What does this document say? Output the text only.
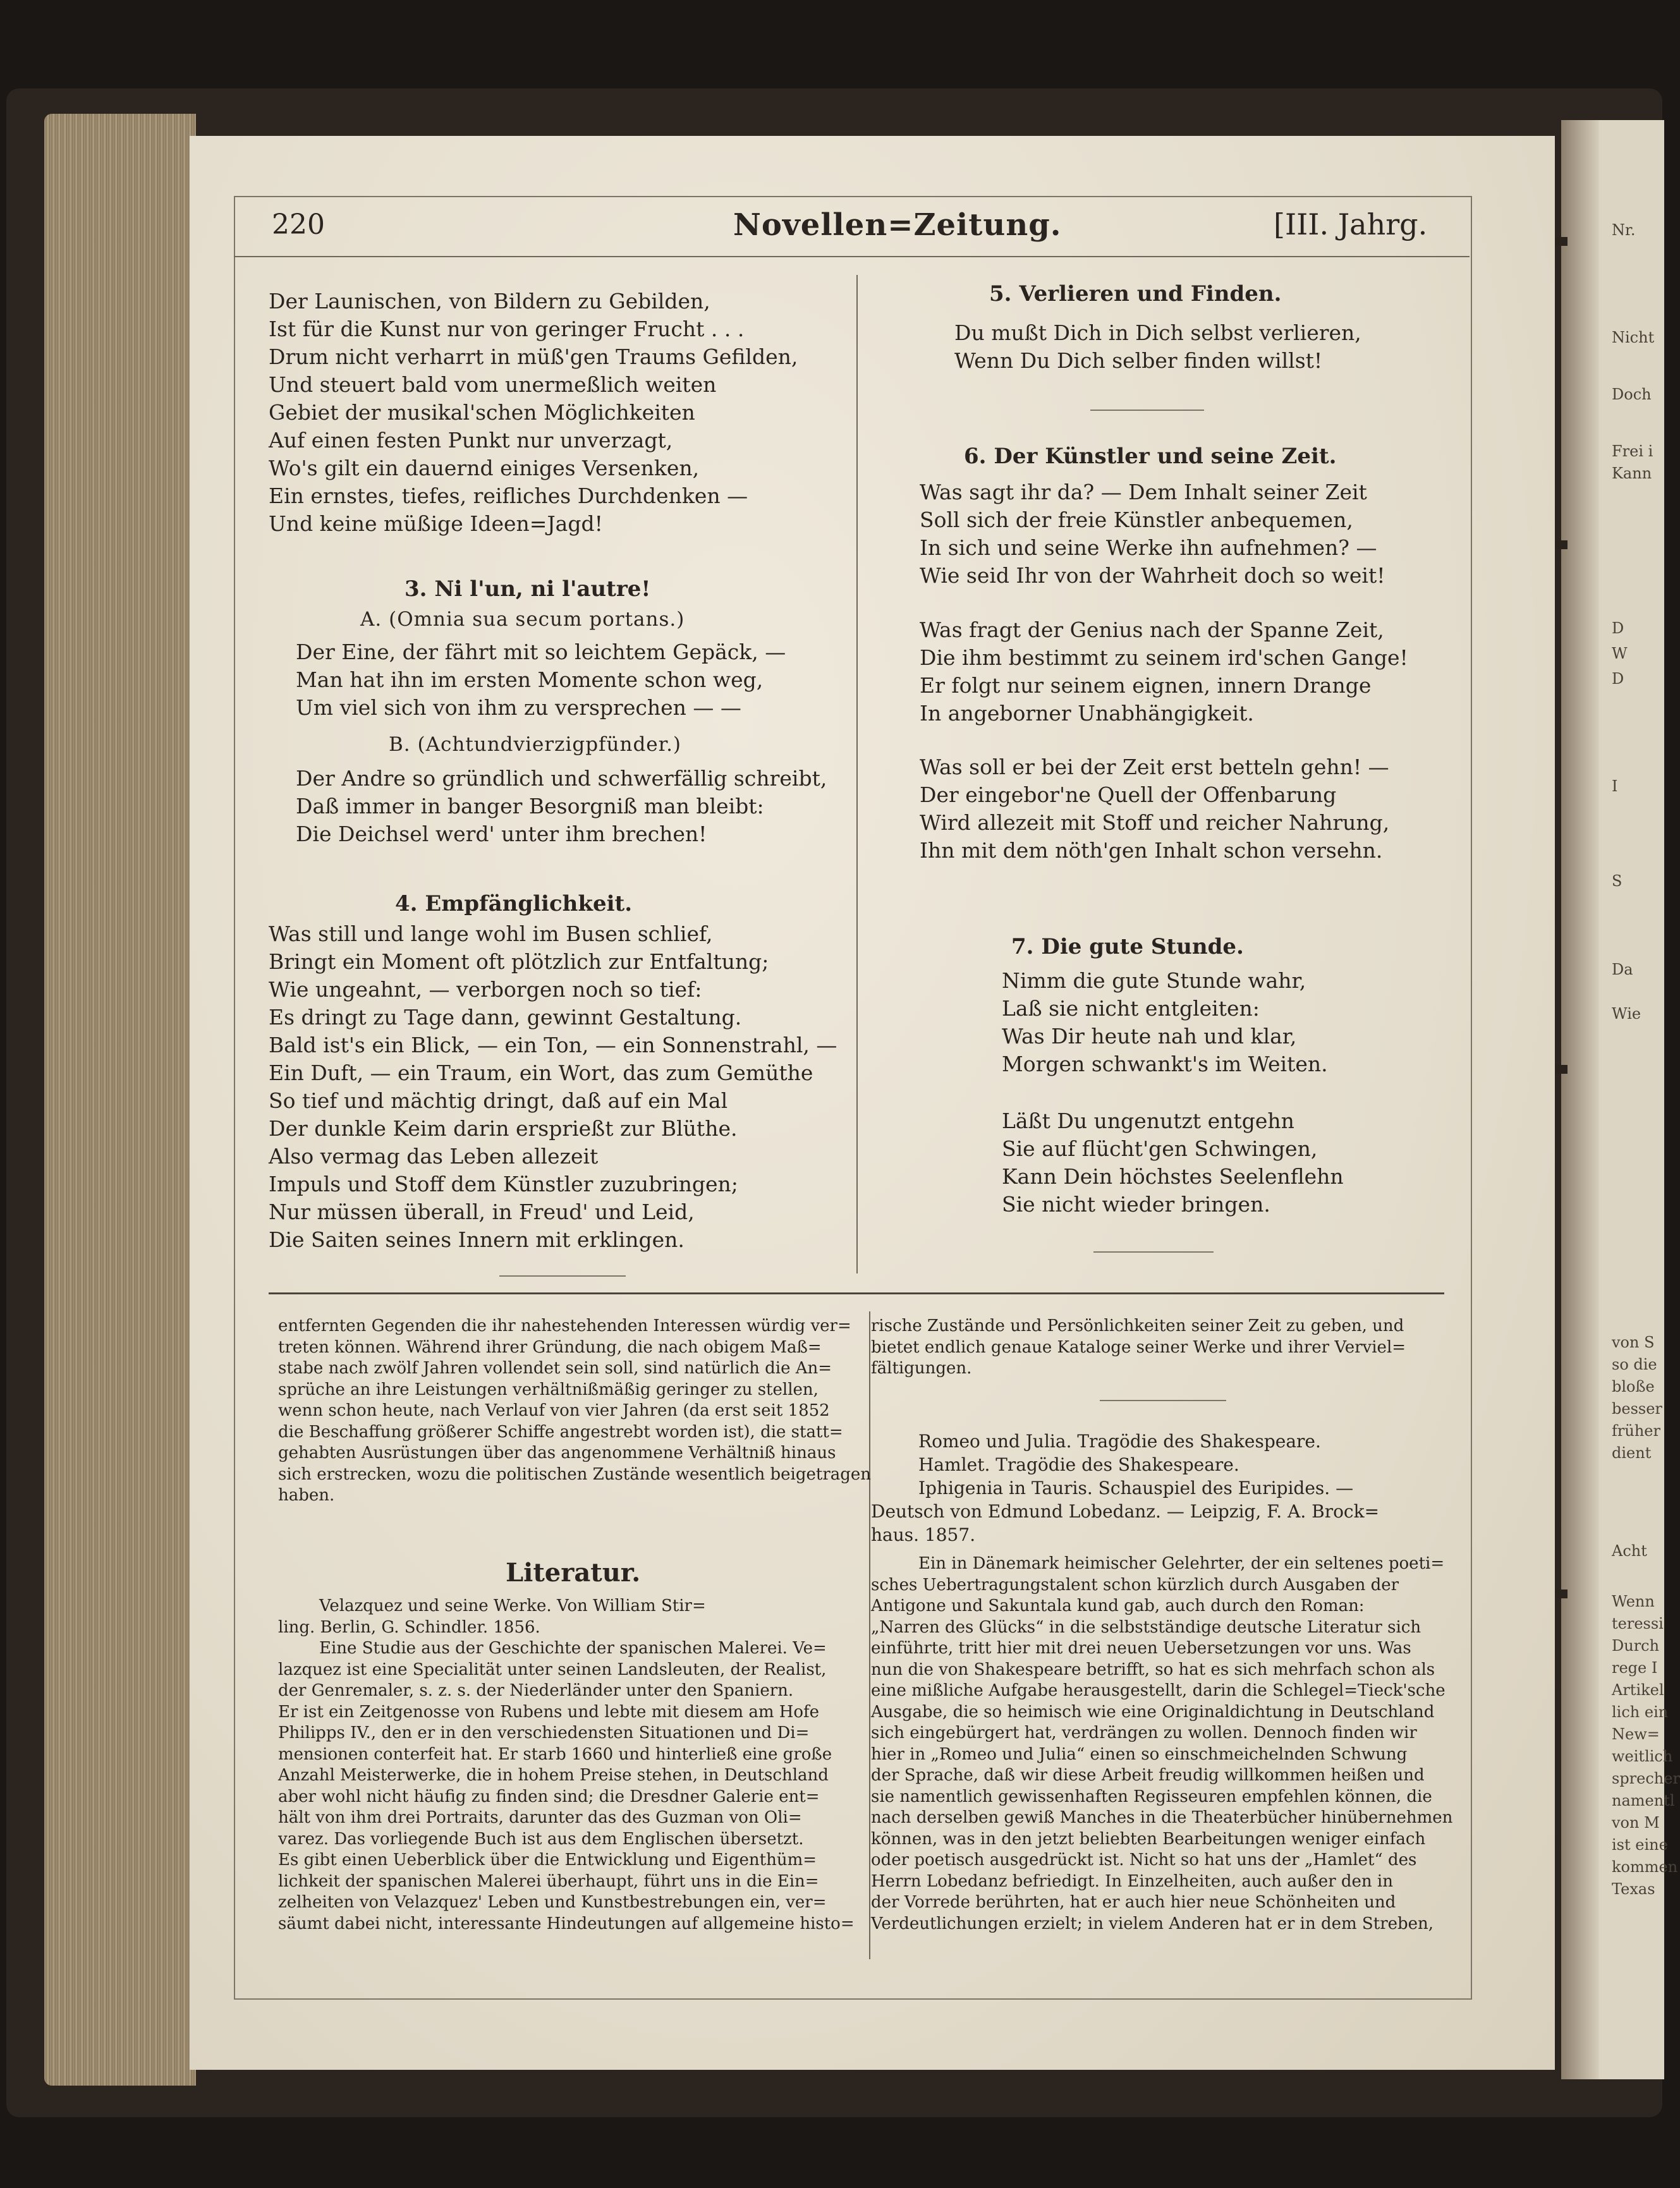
Nr.
Nicht
Doch
Frei i
Kann
D
W
D
I
S
Da
Wie
von S
so die
bloße
besser
früher
dient
Acht
Wenn
teressi
Durch
rege I
Artikel
lich ein
New=
weitlich
sprecher
namentl
von M
ist eine
kommen
Texas
220	Novellen=Zeitung.	[III. Jahrg.
Der Launischen, von Bildern zu Gebilden,
Ist für die Kunst nur von geringer Frucht . . .
Drum nicht verharrt in müß'gen Traums Gefilden,
Und steuert bald vom unermeßlich weiten
Gebiet der musikal'schen Möglichkeiten
Auf einen festen Punkt nur unverzagt,
Wo's gilt ein dauernd einiges Versenken,
Ein ernstes, tiefes, reifliches Durchdenken —
Und keine müßige Ideen=Jagd!
3. Ni l'un, ni l'autre!
A. (Omnia sua secum portans.)
Der Eine, der fährt mit so leichtem Gepäck, —
Man hat ihn im ersten Momente schon weg,
Um viel sich von ihm zu versprechen — —
B. (Achtundvierzigpfünder.)
Der Andre so gründlich und schwerfällig schreibt,
Daß immer in banger Besorgniß man bleibt:
Die Deichsel werd' unter ihm brechen!
4. Empfänglichkeit.
Was still und lange wohl im Busen schlief,
Bringt ein Moment oft plötzlich zur Entfaltung;
Wie ungeahnt, — verborgen noch so tief:
Es dringt zu Tage dann, gewinnt Gestaltung.
Bald ist's ein Blick, — ein Ton, — ein Sonnenstrahl, —
Ein Duft, — ein Traum, ein Wort, das zum Gemüthe
So tief und mächtig dringt, daß auf ein Mal
Der dunkle Keim darin ersprießt zur Blüthe.
Also vermag das Leben allezeit
Impuls und Stoff dem Künstler zuzubringen;
Nur müssen überall, in Freud' und Leid,
Die Saiten seines Innern mit erklingen.
5. Verlieren und Finden.
Du mußt Dich in Dich selbst verlieren,
Wenn Du Dich selber finden willst!
6. Der Künstler und seine Zeit.
Was sagt ihr da? — Dem Inhalt seiner Zeit
Soll sich der freie Künstler anbequemen,
In sich und seine Werke ihn aufnehmen? —
Wie seid Ihr von der Wahrheit doch so weit!
Was fragt der Genius nach der Spanne Zeit,
Die ihm bestimmt zu seinem ird'schen Gange!
Er folgt nur seinem eignen, innern Drange
In angeborner Unabhängigkeit.
Was soll er bei der Zeit erst betteln gehn! —
Der eingebor'ne Quell der Offenbarung
Wird allezeit mit Stoff und reicher Nahrung,
Ihn mit dem nöth'gen Inhalt schon versehn.
7. Die gute Stunde.
Nimm die gute Stunde wahr,
Laß sie nicht entgleiten:
Was Dir heute nah und klar,
Morgen schwankt's im Weiten.
Läßt Du ungenutzt entgehn
Sie auf flücht'gen Schwingen,
Kann Dein höchstes Seelenflehn
Sie nicht wieder bringen.
entfernten Gegenden die ihr nahestehenden Interessen würdig ver=
treten können. Während ihrer Gründung, die nach obigem Maß=
stabe nach zwölf Jahren vollendet sein soll, sind natürlich die An=
sprüche an ihre Leistungen verhältnißmäßig geringer zu stellen,
wenn schon heute, nach Verlauf von vier Jahren (da erst seit 1852
die Beschaffung größerer Schiffe angestrebt worden ist), die statt=
gehabten Ausrüstungen über das angenommene Verhältniß hinaus
sich erstrecken, wozu die politischen Zustände wesentlich beigetragen
haben.
Literatur.
Velazquez und seine Werke. Von William Stir=
ling. Berlin, G. Schindler. 1856.
Eine Studie aus der Geschichte der spanischen Malerei. Ve=
lazquez ist eine Specialität unter seinen Landsleuten, der Realist,
der Genremaler, s. z. s. der Niederländer unter den Spaniern.
Er ist ein Zeitgenosse von Rubens und lebte mit diesem am Hofe
Philipps IV., den er in den verschiedensten Situationen und Di=
mensionen conterfeit hat. Er starb 1660 und hinterließ eine große
Anzahl Meisterwerke, die in hohem Preise stehen, in Deutschland
aber wohl nicht häufig zu finden sind; die Dresdner Galerie ent=
hält von ihm drei Portraits, darunter das des Guzman von Oli=
varez. Das vorliegende Buch ist aus dem Englischen übersetzt.
Es gibt einen Ueberblick über die Entwicklung und Eigenthüm=
lichkeit der spanischen Malerei überhaupt, führt uns in die Ein=
zelheiten von Velazquez' Leben und Kunstbestrebungen ein, ver=
säumt dabei nicht, interessante Hindeutungen auf allgemeine histo=
rische Zustände und Persönlichkeiten seiner Zeit zu geben, und
bietet endlich genaue Kataloge seiner Werke und ihrer Verviel=
fältigungen.
Romeo und Julia. Tragödie des Shakespeare.
Hamlet. Tragödie des Shakespeare.
Iphigenia in Tauris. Schauspiel des Euripides. —
Deutsch von Edmund Lobedanz. — Leipzig, F. A. Brock=
haus. 1857.
Ein in Dänemark heimischer Gelehrter, der ein seltenes poeti=
sches Uebertragungstalent schon kürzlich durch Ausgaben der
Antigone und Sakuntala kund gab, auch durch den Roman:
„Narren des Glücks“ in die selbstständige deutsche Literatur sich
einführte, tritt hier mit drei neuen Uebersetzungen vor uns. Was
nun die von Shakespeare betrifft, so hat es sich mehrfach schon als
eine mißliche Aufgabe herausgestellt, darin die Schlegel=Tieck'sche
Ausgabe, die so heimisch wie eine Originaldichtung in Deutschland
sich eingebürgert hat, verdrängen zu wollen. Dennoch finden wir
hier in „Romeo und Julia“ einen so einschmeichelnden Schwung
der Sprache, daß wir diese Arbeit freudig willkommen heißen und
sie namentlich gewissenhaften Regisseuren empfehlen können, die
nach derselben gewiß Manches in die Theaterbücher hinübernehmen
können, was in den jetzt beliebten Bearbeitungen weniger einfach
oder poetisch ausgedrückt ist. Nicht so hat uns der „Hamlet“ des
Herrn Lobedanz befriedigt. In Einzelheiten, auch außer den in
der Vorrede berührten, hat er auch hier neue Schönheiten und
Verdeutlichungen erzielt; in vielem Anderen hat er in dem Streben,
